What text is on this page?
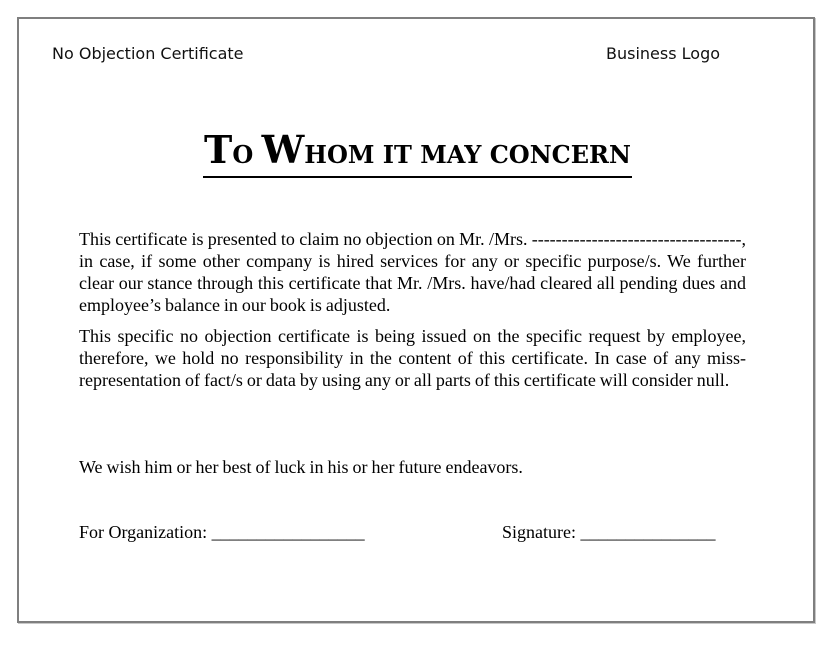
No Objection Certificate	Business Logo
TO WHOM IT MAY CONCERN
This certificate is presented to claim no objection on Mr. /Mrs. -----------------------------------, in case, if some other company is hired services for any or specific purpose/s. We further clear our stance through this certificate that Mr. /Mrs. have/had cleared all pending dues and employee’s balance in our book is adjusted.
This specific no objection certificate is being issued on the specific request by employee, therefore, we hold no responsibility in the content of this certificate. In case of any miss-representation of fact/s or data by using any or all parts of this certificate will consider null.
We wish him or her best of luck in his or her future endeavors.
For Organization: _________________	Signature: _______________
